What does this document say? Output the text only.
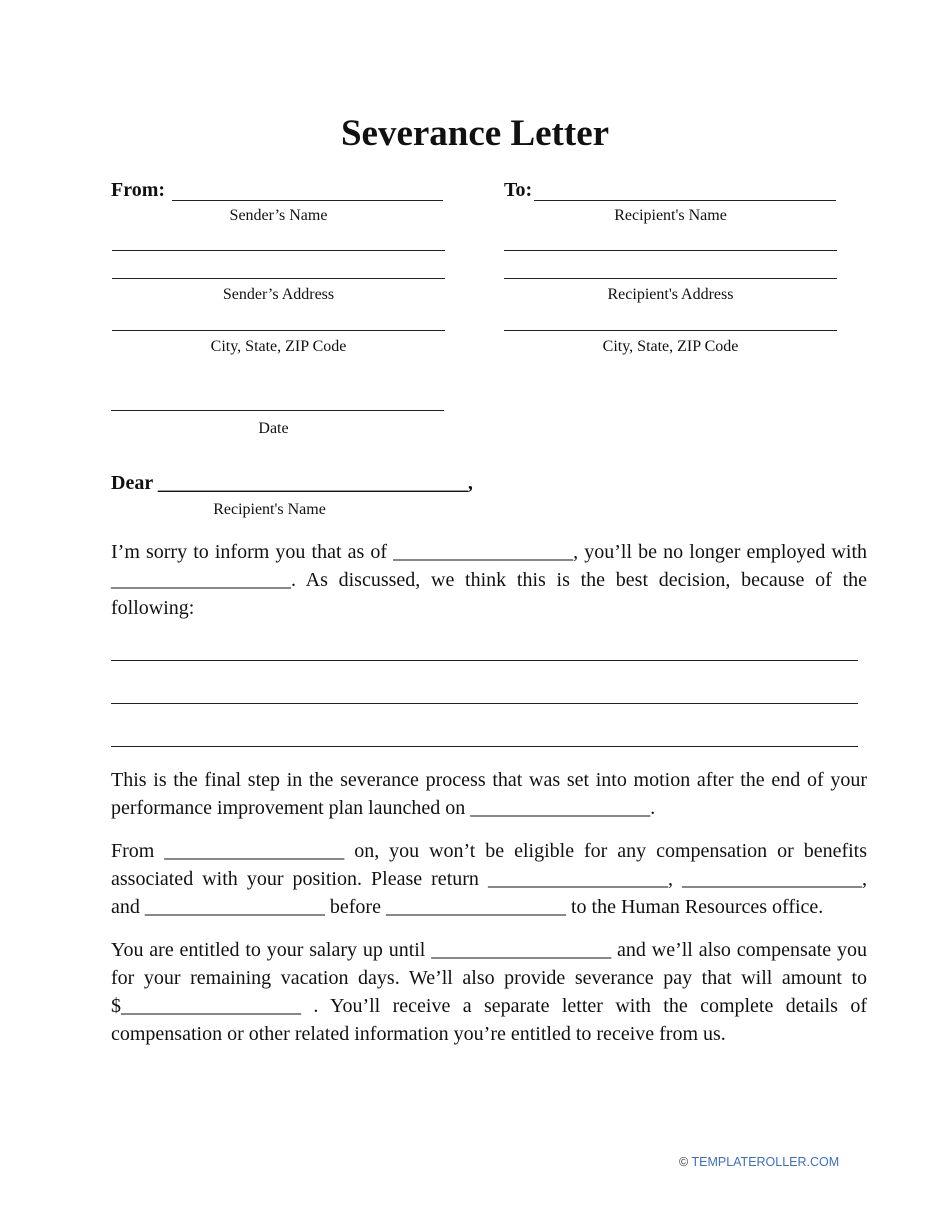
Severance Letter
From:
Sender’s Name
To:
Recipient's Name
Sender’s Address	Recipient's Address
City, State, ZIP Code	City, State, ZIP Code
Date
Dear _______________________________,
Recipient's Name
I’m sorry to inform you that as of __________________, you’ll be no longer employed with __________________. As discussed, we think this is the best decision, because of the following:
This is the final step in the severance process that was set into motion after the end of your performance improvement plan launched on __________________.
From __________________ on, you won’t be eligible for any compensation or benefits associated with your position. Please return __________________, __________________, and __________________ before __________________ to the Human Resources office.
You are entitled to your salary up until __________________ and we’ll also compensate you for your remaining vacation days. We’ll also provide severance pay that will amount to $__________________ . You’ll receive a separate letter with the complete details of compensation or other related information you’re entitled to receive from us.
© TEMPLATEROLLER.COM
